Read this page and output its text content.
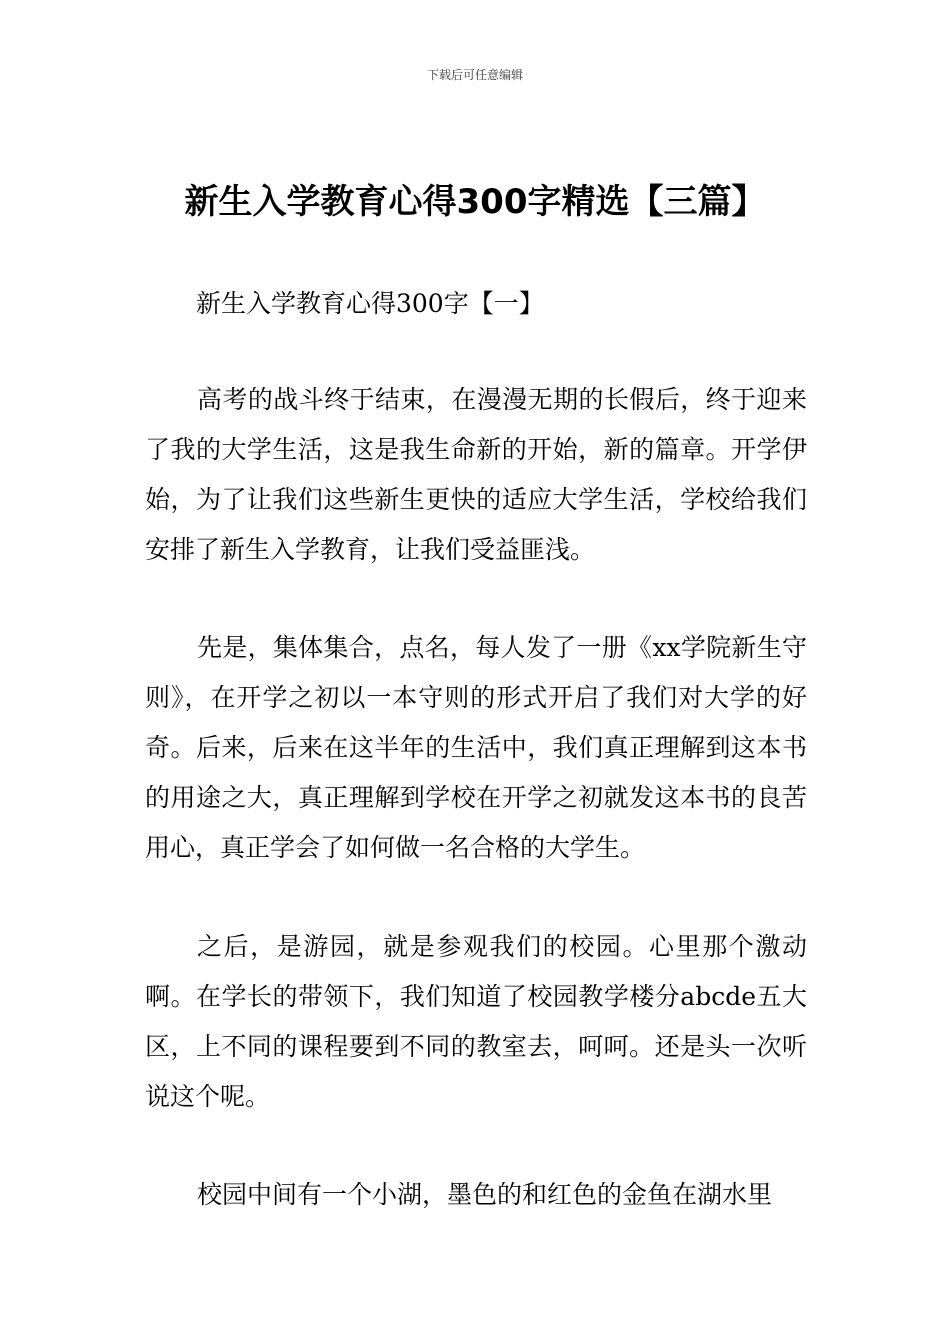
下载后可任意编辑
新生入学教育心得300字精选【三篇】
新生入学教育心得300字【一】

高考的战斗终于结束，在漫漫无期的长假后，终于迎来了我的大学生活，这是我生命新的开始，新的篇章。开学伊始，为了让我们这些新生更快的适应大学生活，学校给我们安排了新生入学教育，让我们受益匪浅。

先是，集体集合，点名，每人发了一册《xx学院新生守则》，在开学之初以一本守则的形式开启了我们对大学的好奇。后来，后来在这半年的生活中，我们真正理解到这本书的用途之大，真正理解到学校在开学之初就发这本书的良苦用心，真正学会了如何做一名合格的大学生。

之后，是游园，就是参观我们的校园。心里那个激动啊。在学长的带领下，我们知道了校园教学楼分abcde五大区，上不同的课程要到不同的教室去，呵呵。还是头一次听说这个呢。

校园中间有一个小湖，墨色的和红色的金鱼在湖水里
